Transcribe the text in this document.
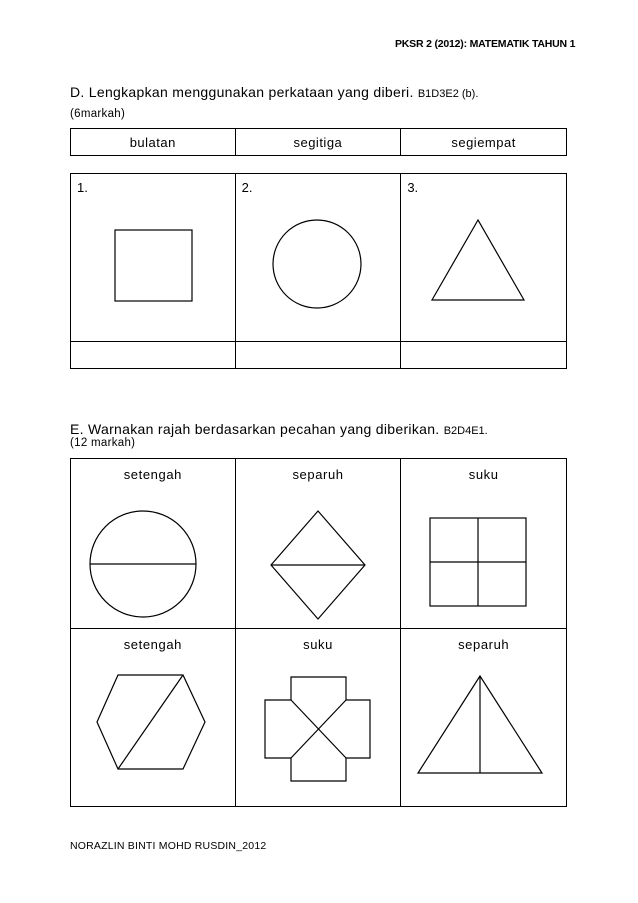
PKSR 2 (2012): MATEMATIK TAHUN 1
D. Lengkapkan menggunakan perkataan yang diberi. B1D3E2 (b).
(6markah)
bulatan	segitiga	segiempat
1.	2.	3.

E. Warnakan rajah berdasarkan pecahan yang diberikan. B2D4E1.
(12 markah)
setengah	separuh	suku

setengah	suku	separuh
NORAZLIN BINTI MOHD RUSDIN_2012
